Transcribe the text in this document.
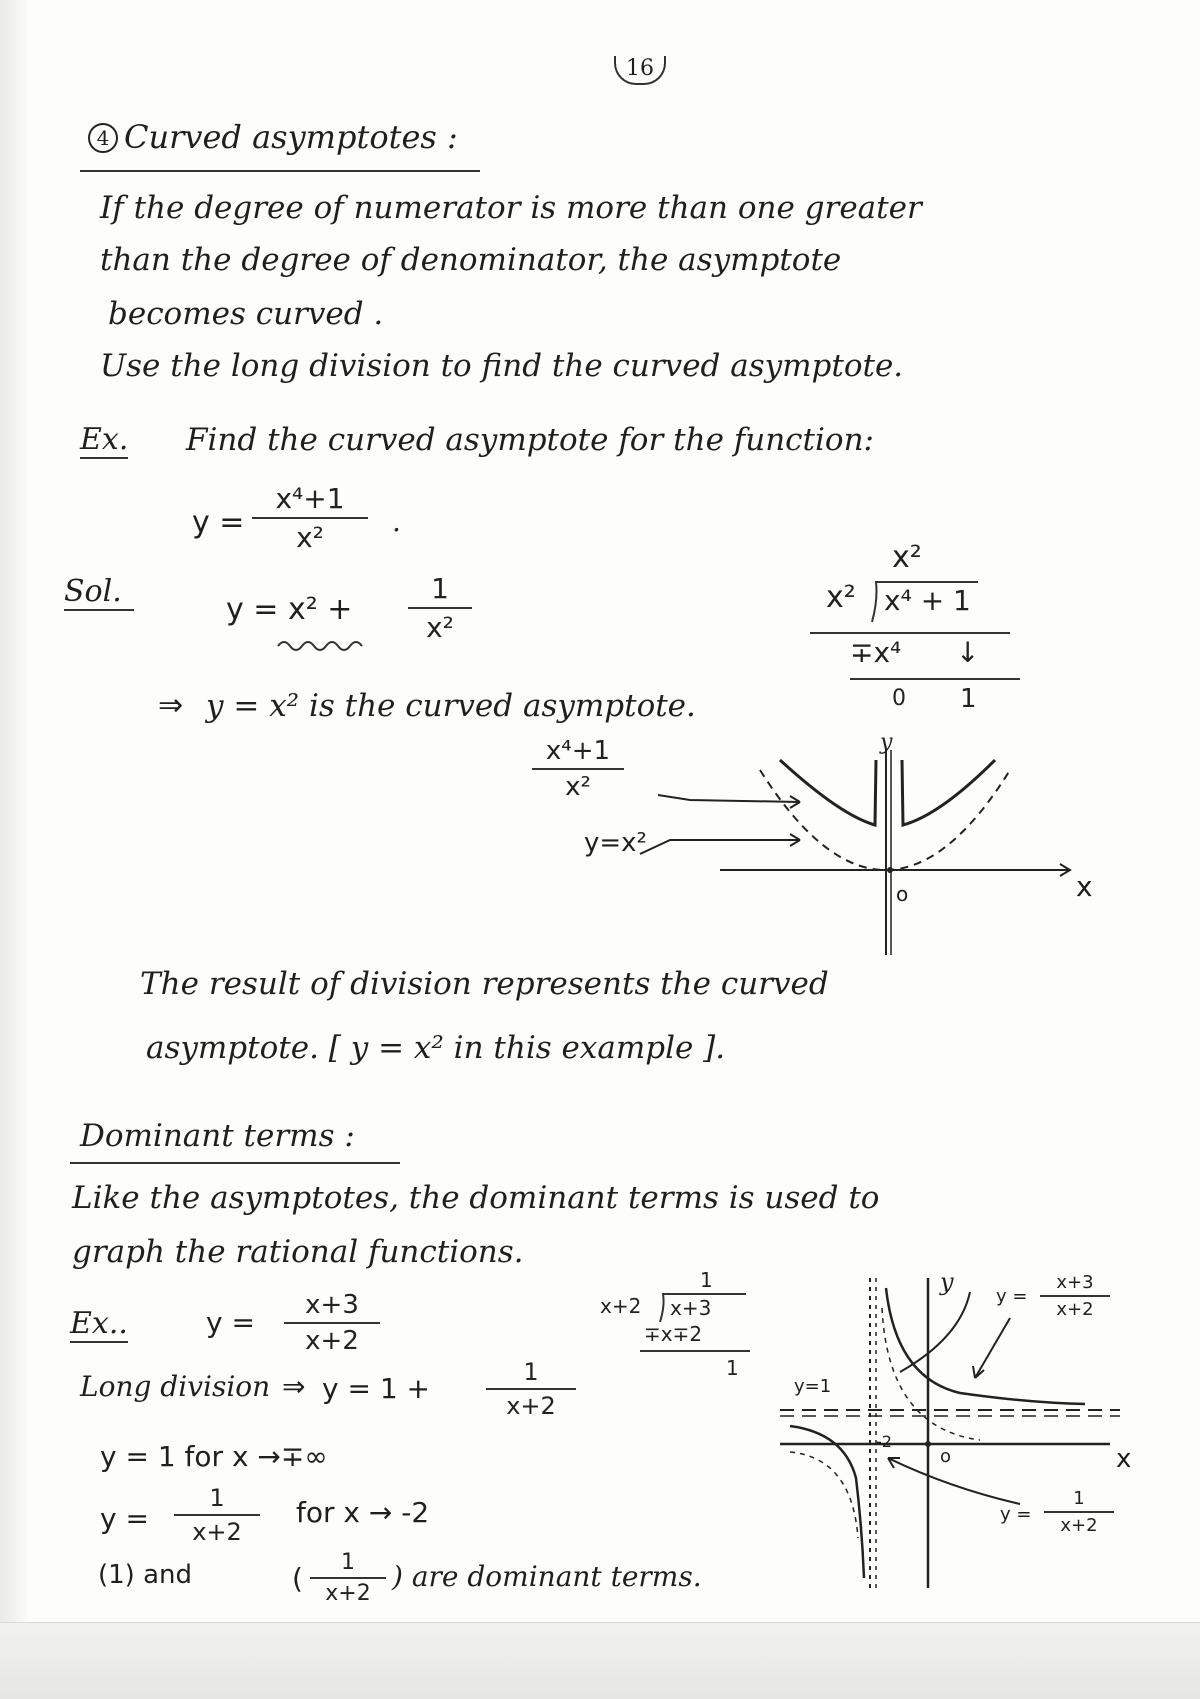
16
4 Curved asymptotes :
If the degree of numerator is more than one greater
than the degree of denominator, the asymptote
becomes curved .
Use the long division to find the curved asymptote.
Ex. Find the curved asymptote for the function:
y =
x⁴+1
x²	.
Sol.
y = x² +
1
x²
⇒ y = x² is the curved asymptote.
x²
x² x⁴ + 1
∓x⁴ ↓
0 1
x⁴+1
x²
y=x²
y
x
o
The result of division represents the curved
asymptote. [ y = x² in this example ].
Dominant terms :
Like the asymptotes, the dominant terms is used to
graph the rational functions.
Ex..	y =
x+3
x+2
Long division ⇒ y = 1 +	1
x+2
y = 1 for x →∓∞
y =
1
x+2
for x → -2
(1) and	(	1
x+2
) are dominant terms.
1
x+2 x+3
∓x∓2
1
y
x
o
-2
y=1
y =
x+3
x+2
y =
1
x+2
